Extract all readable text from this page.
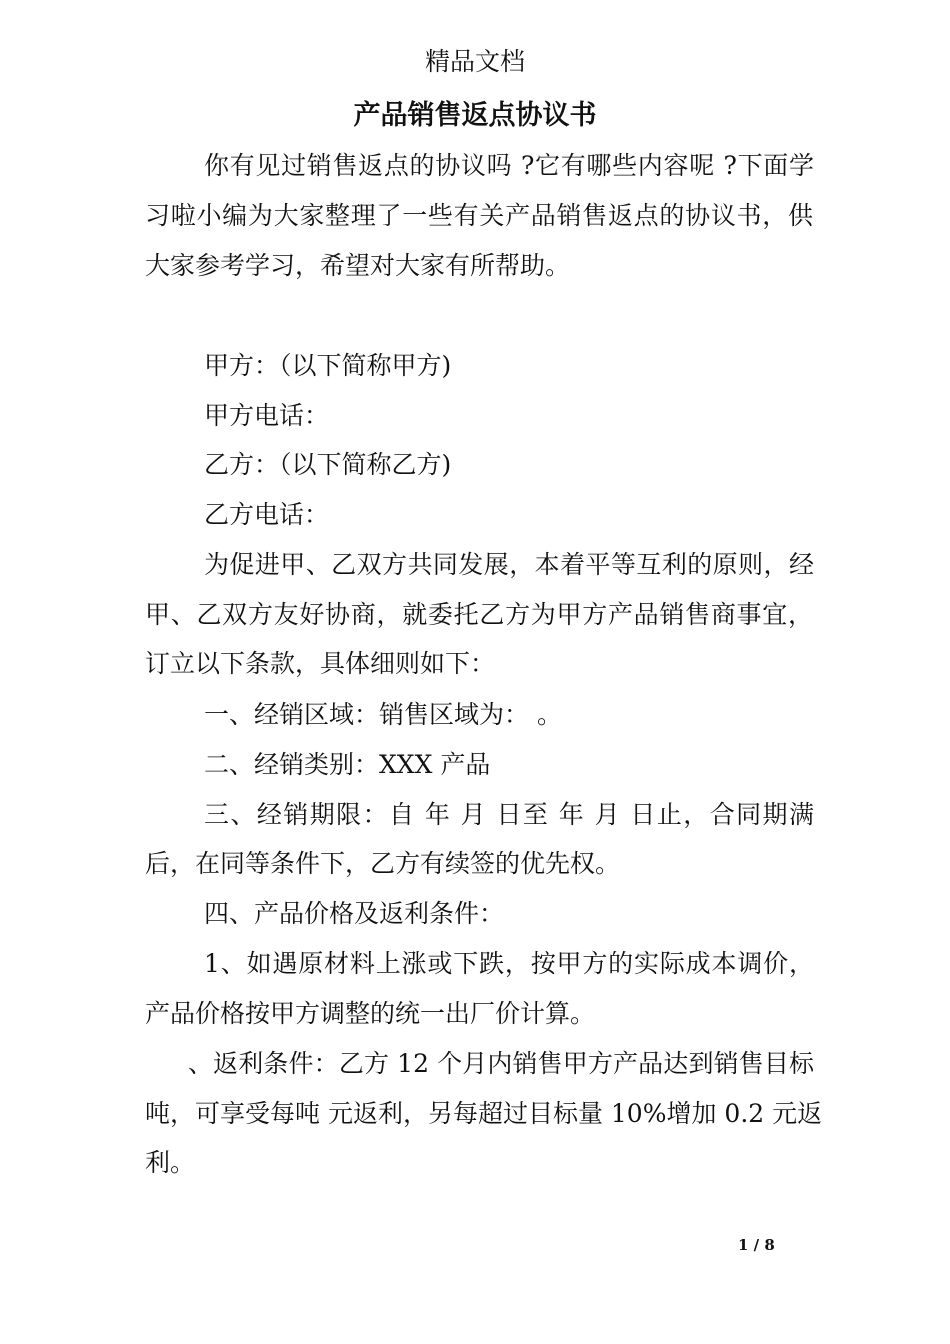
精品文档
产品销售返点协议书
你有见过销售返点的协议吗 ?它有哪些内容呢 ?下面学
习啦小编为大家整理了一些有关产品销售返点的协议书，供
大家参考学习，希望对大家有所帮助。
甲方：（以下简称甲方)
甲方电话：
乙方：（以下简称乙方)
乙方电话：
为促进甲、乙双方共同发展，本着平等互利的原则，经
甲、乙双方友好协商，就委托乙方为甲方产品销售商事宜，
订立以下条款，具体细则如下：
一、经销区域：销售区域为： 。
二、经销类别：XXX 产品
三、经销期限：自 年 月 日至 年 月 日止，合同期满
后，在同等条件下，乙方有续签的优先权。
四、产品价格及返利条件：
1、如遇原材料上涨或下跌，按甲方的实际成本调价，
产品价格按甲方调整的统一出厂价计算。
、返利条件：乙方 12 个月内销售甲方产品达到销售目标
吨，可享受每吨 元返利，另每超过目标量 10%增加 0.2 元返
利。
1 / 8
